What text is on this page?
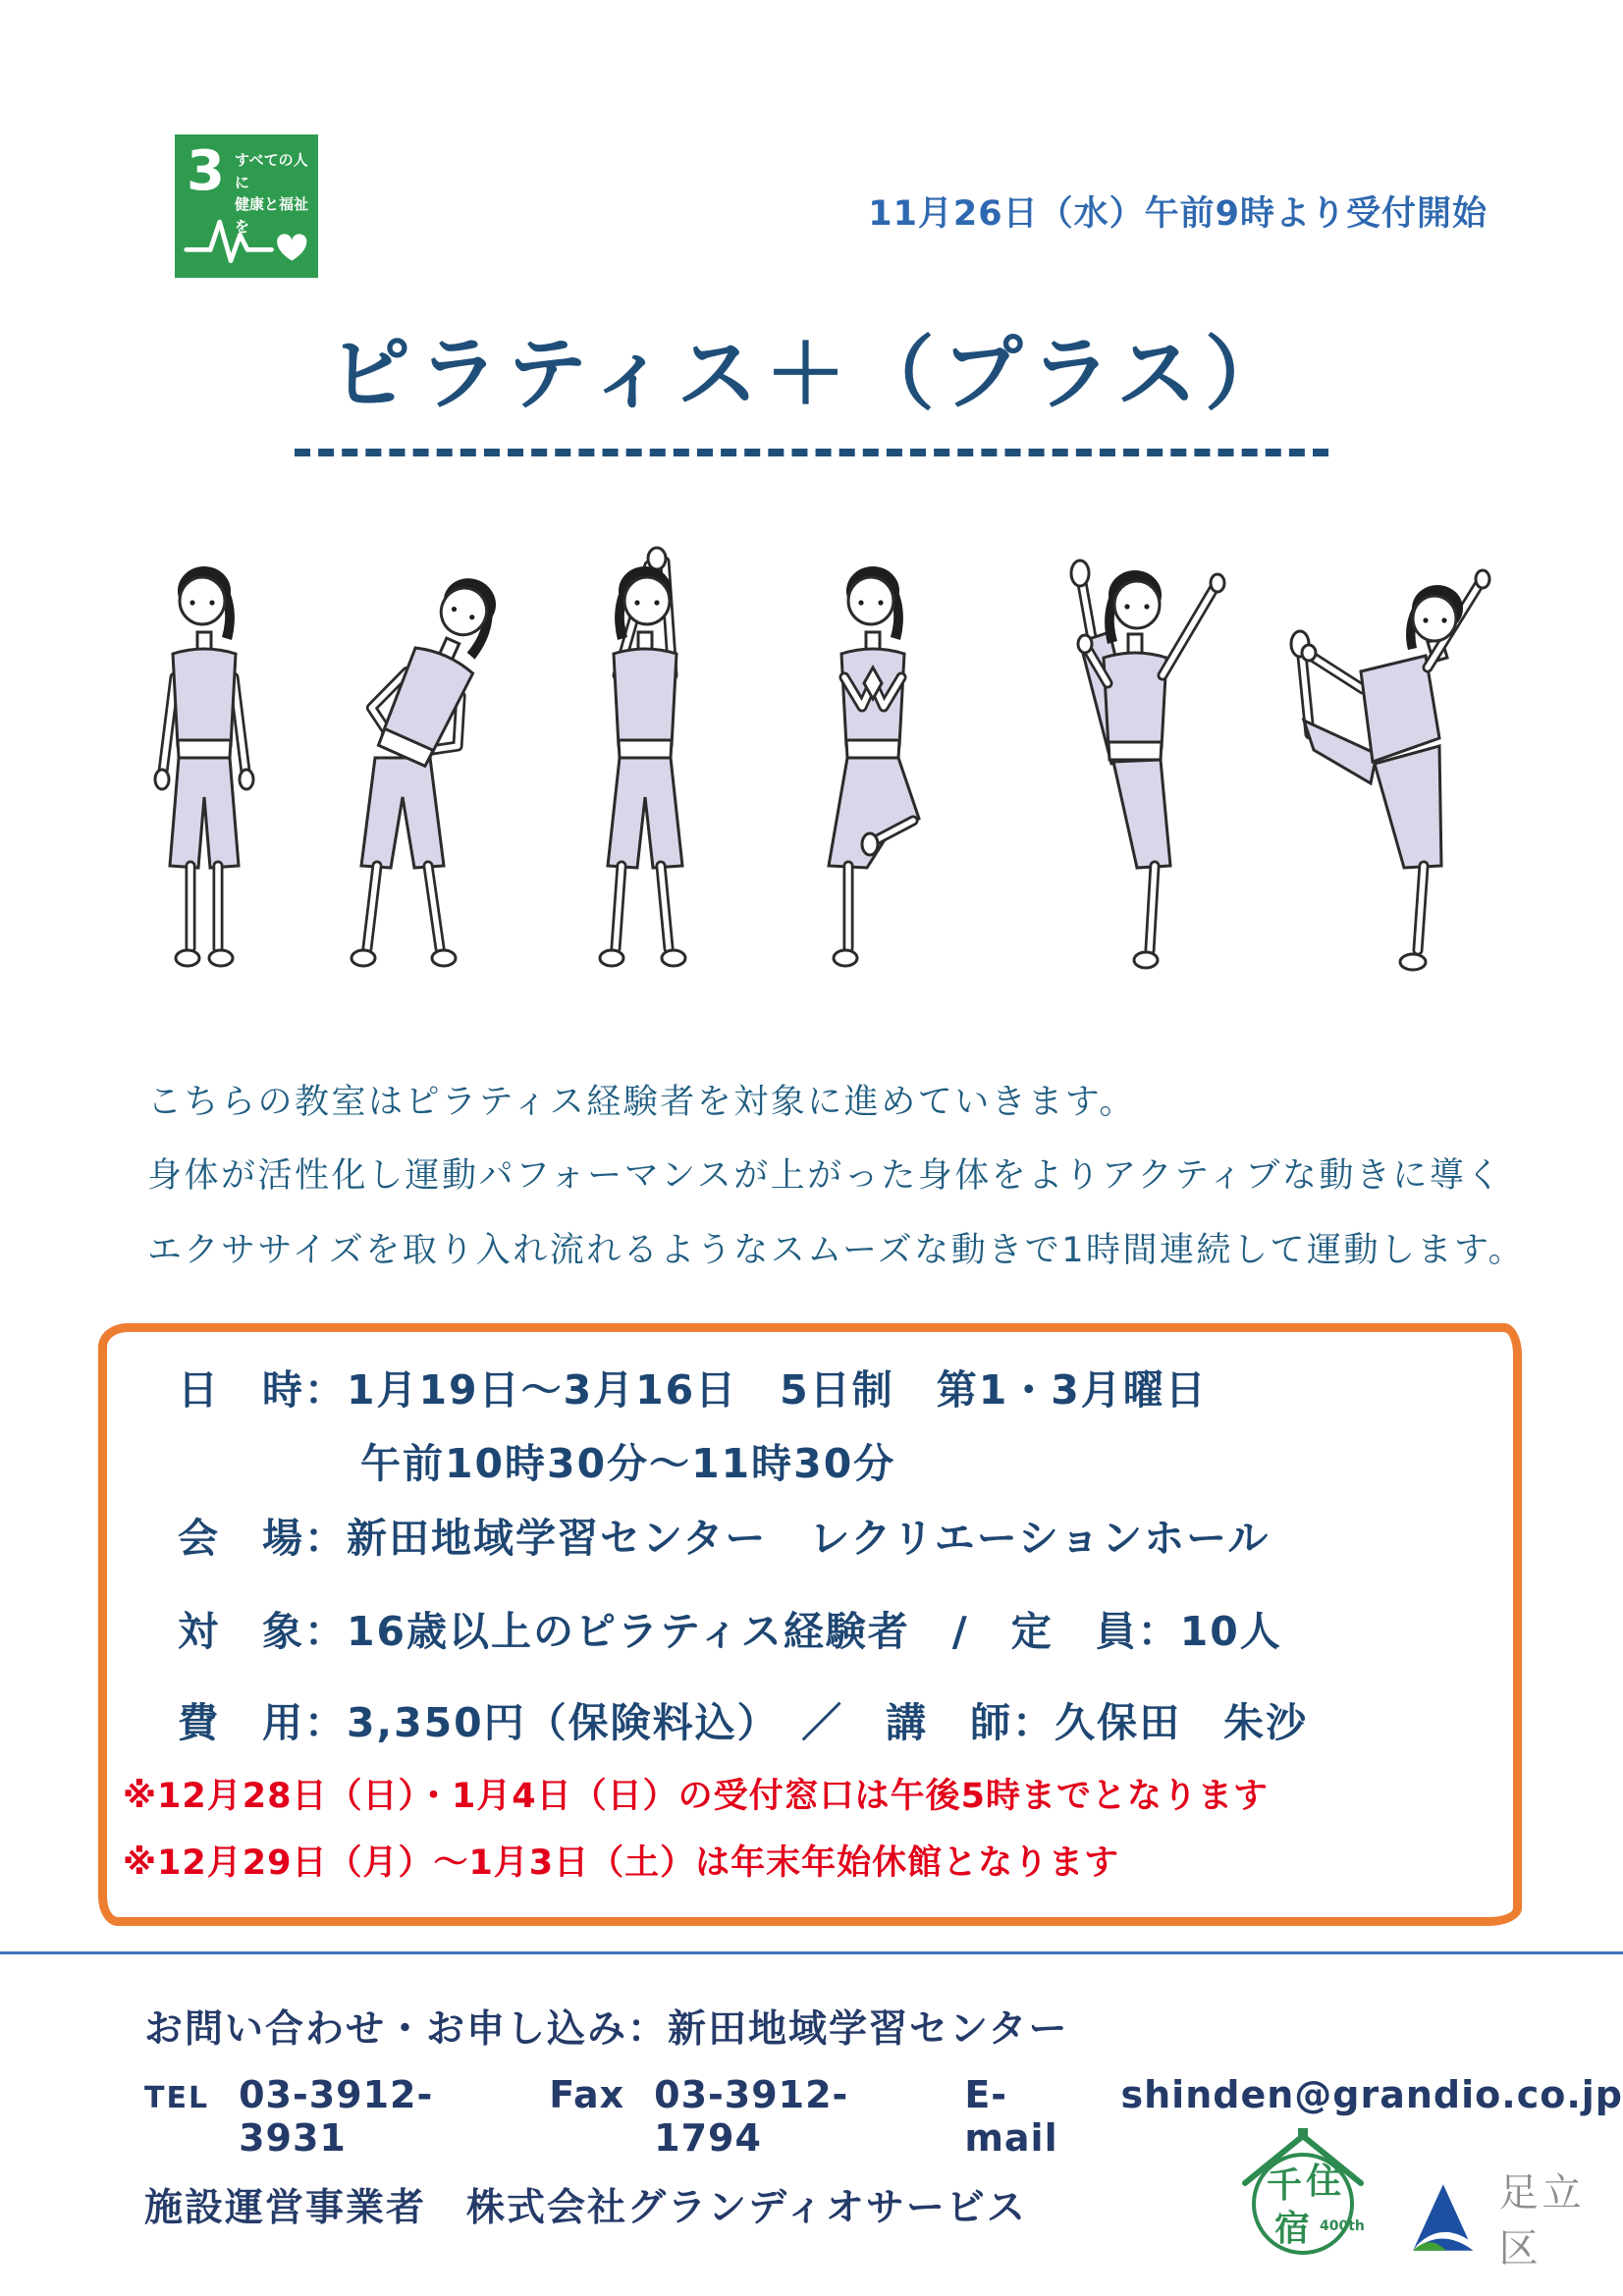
3 すべての人に
健康と福祉を	11月26日（水）午前9時より受付開始
ピラティス＋（プラス）
こちらの教室はピラティス経験者を対象に進めていきます。
身体が活性化し運動パフォーマンスが上がった身体をよりアクティブな動きに導く
エクササイズを取り入れ流れるようなスムーズな動きで1時間連続して運動します。
日　時：1月19日～3月16日　5日制　第1・3月曜日
午前10時30分～11時30分
会　場：新田地域学習センター　レクリエーションホール
対　象：16歳以上のピラティス経験者　/　定　員：10人
費　用：3,350円（保険料込）　／　講　師：久保田　朱沙
※12月28日（日）・1月4日（日）の受付窓口は午後5時までとなります
※12月29日（月）～1月3日（土）は年末年始休館となります
お問い合わせ・お申し込み：新田地域学習センター
TEL 03-3912-3931
Fax 03-3912-1794
E-mail
shinden@grandio.co.jp
施設運営事業者　株式会社グランディオサービス
千 住
宿 400th
足立区
